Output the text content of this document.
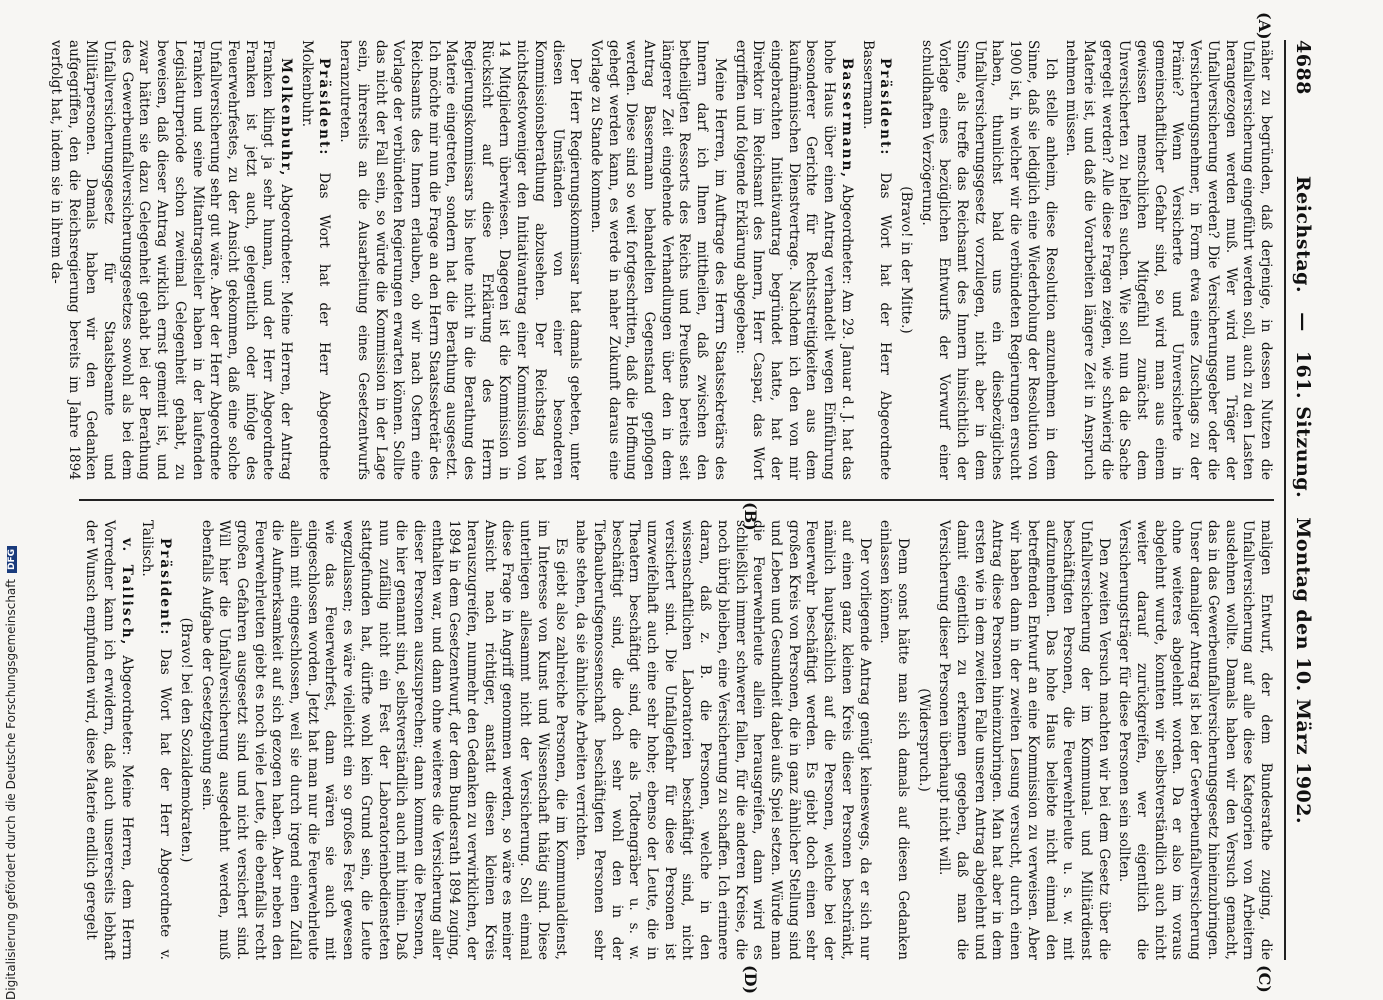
4688
Reichstag. — 161. Sitzung. Montag den 10. März 1902.
(A)
(B)
(C)
(D)

näher zu begründen, daß derjenige, in dessen Nutzen die Unfallversicherung eingeführt werden soll, auch zu den Lasten herangezogen werden muß. Wer wird nun Träger der Unfallversicherung werden? Die Versicherungsgeber oder die Versicherungsnehmer, in Form etwa eines Zuschlags zu der Prämie? Wenn Versicherte und Unversicherte in gemeinschaftlicher Gefahr sind, so wird man aus einem gewissen menschlichen Mitgefühl zunächst dem Unversicherten zu helfen suchen. Wie soll nun da die Sache geregelt werden? Alle diese Fragen zeigen, wie schwierig die Materie ist, und daß die Vorarbeiten längere Zeit in Anspruch nehmen müssen.

Ich stelle anheim, diese Resolution anzunehmen in dem Sinne, daß sie lediglich eine Wiederholung der Resolution von 1900 ist, in welcher wir die verbündeten Regierungen ersucht haben, thunlichst bald uns ein diesbezügliches Unfallversicherungsgesetz vorzulegen, nicht aber in dem Sinne, als treffe das Reichsamt des Innern hinsichtlich der Vorlage eines bezüglichen Entwurfs der Vorwurf einer schuldhaften Verzögerung.

(Bravo! in der Mitte.)

Präsident: Das Wort hat der Herr Abgeordnete Bassermann.

Bassermann, Abgeordneter: Am 29. Januar d. J. hat das hohe Haus über einen Antrag verhandelt wegen Einführung besonderer Gerichte für Rechtsstreitigkeiten aus dem kaufmännischen Dienstvertrage. Nachdem ich den von mir eingebrachten Initiativantrag begründet hatte, hat der Direktor im Reichsamt des Innern, Herr Caspar, das Wort ergriffen und folgende Erklärung abgegeben:

Meine Herren, im Auftrage des Herrn Staatssekretärs des Innern darf ich Ihnen mittheilen, daß zwischen den betheiligten Ressorts des Reichs und Preußens bereits seit längerer Zeit eingehende Verhandlungen über den in dem Antrag Bassermann behandelten Gegenstand gepflogen werden. Diese sind so weit fortgeschritten, daß die Hoffnung gehegt werden kann, es werde in naher Zukunft daraus eine Vorlage zu Stande kommen.

Der Herr Regierungskommissar hat damals gebeten, unter diesen Umständen von einer besonderen Kommissionsberathung abzusehen. Der Reichstag hat nichtsdestoweniger den Initiativantrag einer Kommission von 14 Mitgliedern überwiesen. Dagegen ist die Kommission in Rücksicht auf diese Erklärung des Herrn Regierungskommissars bis heute nicht in die Berathung des Materie eingetreten, sondern hat die Berathung ausgesetzt. Ich möchte mir nun die Frage an den Herrn Staatssekretär des Reichsamts des Innern erlauben, ob wir nach Ostern eine Vorlage der verbündeten Regierungen erwarten können. Sollte das nicht der Fall sein, so würde die Kommission in der Lage sein, ihrerseits an die Ausarbeitung eines Gesetzentwurfs heranzutreten.

Präsident: Das Wort hat der Herr Abgeordnete Molkenbuhr.

Molkenbuhr, Abgeordneter: Meine Herren, der Antrag Franken klingt ja sehr human, und der Herr Abgeordnete Franken ist jetzt auch, gelegentlich oder infolge des Feuerwehrfestes, zu der Ansicht gekommen, daß eine solche Unfallversicherung sehr gut wäre. Aber der Herr Abgeordnete Franken und seine Mitantragsteller haben in der laufenden Legislaturperiode schon zweimal Gelegenheit gehabt, zu beweisen, daß dieser Antrag wirklich ernst gemeint ist, und zwar hätten sie dazu Gelegenheit gehabt bei der Berathung des Gewerbeunfallversicherungsgesetzes sowohl als bei dem Unfallversicherungsgesetz für Staatsbeamte und Militärpersonen. Damals haben wir den Gedanken aufgegriffen, den die Reichsregierung bereits im Jahre 1894 verfolgt hat, indem sie in ihrem da-

maligen Entwurf, der dem Bundesrathe zuging, die Unfallversicherung auf alle diese Kategorien von Arbeitern ausdehnen wollte. Damals haben wir den Versuch gemacht, das in das Gewerbeunfallversicherungsgesetz hineinzubringen. Unser damaliger Antrag ist bei der Gewerbeunfallversicherung ohne weiteres abgelehnt worden. Da er also im voraus abgelehnt wurde, konnten wir selbstverständlich auch nicht weiter darauf zurückgreifen, wer eigentlich die Versicherungsträger für diese Personen sein sollten.

Den zweiten Versuch machten wir bei dem Gesetz über die Unfallversicherung der im Kommunal- und Militärdienst beschäftigten Personen, die Feuerwehrleute u. s. w. mit aufzunehmen. Das hohe Haus beliebte nicht einmal den betreffenden Entwurf an eine Kommission zu verweisen. Aber wir haben dann in der zweiten Lesung versucht, durch einen Antrag diese Personen hineinzubringen. Man hat aber in dem ersten wie in dem zweiten Falle unseren Antrag abgelehnt und damit eigentlich zu erkennen gegeben, daß man die Versicherung dieser Personen überhaupt nicht will.

(Widerspruch.)

Denn sonst hätte man sich damals auf diesen Gedanken einlassen können.

Der vorliegende Antrag genügt keineswegs, da er sich nur auf einen ganz kleinen Kreis dieser Personen beschränkt, nämlich hauptsächlich auf die Personen, welche bei der Feuerwehr beschäftigt werden. Es giebt doch einen sehr großen Kreis von Personen, die in ganz ähnlicher Stellung sind und Leben und Gesundheit dabei aufs Spiel setzen. Würde man die Feuerwehrleute allein herausgreifen, dann wird es schließlich immer schwerer fallen, für die anderen Kreise, die noch übrig bleiben, eine Versicherung zu schaffen. Ich erinnere daran, daß z. B. die Personen, welche in den wissenschaftlichen Laboratorien beschäftigt sind, nicht versichert sind. Die Unfallgefahr für diese Personen ist unzweifelhaft auch eine sehr hohe; ebenso der Leute, die in Theatern beschäftigt sind, die als Todtengräber u. s. w. beschäftigt sind, die doch sehr wohl den in der Tiefbauberufsgenossenschaft beschäftigten Personen sehr nahe stehen, da sie ähnliche Arbeiten verrichten.

Es giebt also zahlreiche Personen, die im Kommunaldienst, im Interesse von Kunst und Wissenschaft thätig sind. Diese unterliegen allesammt nicht der Versicherung. Soll einmal diese Frage in Angriff genommen werden, so wäre es meiner Ansicht nach richtiger, anstatt diesen kleinen Kreis herauszugreifen, nunmehr den Gedanken zu verwirklichen, der 1894 in dem Gesetzentwurf, der dem Bundesrath 1894 zuging, enthalten war, und dann ohne weiteres die Versicherung aller dieser Personen auszusprechen; dann kommen die Personen, die hier genannt sind, selbstverständlich auch mit hinein. Daß nun zufällig nicht ein Fest der Laboratorienbediensteten stattgefunden hat, dürfte wohl kein Grund sein, die Leute wegzulassen; es wäre vielleicht ein so großes Fest gewesen wie das Feuerwehrfest, dann wären sie auch mit eingeschlossen worden. Jetzt hat man nur die Feuerwehrleute allein mit eingeschlossen, weil sie durch irgend einen Zufall die Aufmerksamkeit auf sich gezogen haben. Aber neben den Feuerwehrleuten giebt es noch viele Leute, die ebenfalls recht großen Gefahren ausgesetzt sind und nicht versichert sind. Will hier die Unfallversicherung ausgedehnt werden, muß ebenfalls Aufgabe der Gesetzgebung sein.

(Bravo! bei den Sozialdemokraten.)

Präsident: Das Wort hat der Herr Abgeordnete v. Tailisch.

v. Tailisch, Abgeordneter: Meine Herren, dem Herrn Vorredner kann ich erwidern, daß auch unsererseits lebhaft der Wunsch empfunden wird, diese Materie endlich geregelt

Digitalisierung gefördert durch die Deutsche ForschungsgemeinschaftDFG
